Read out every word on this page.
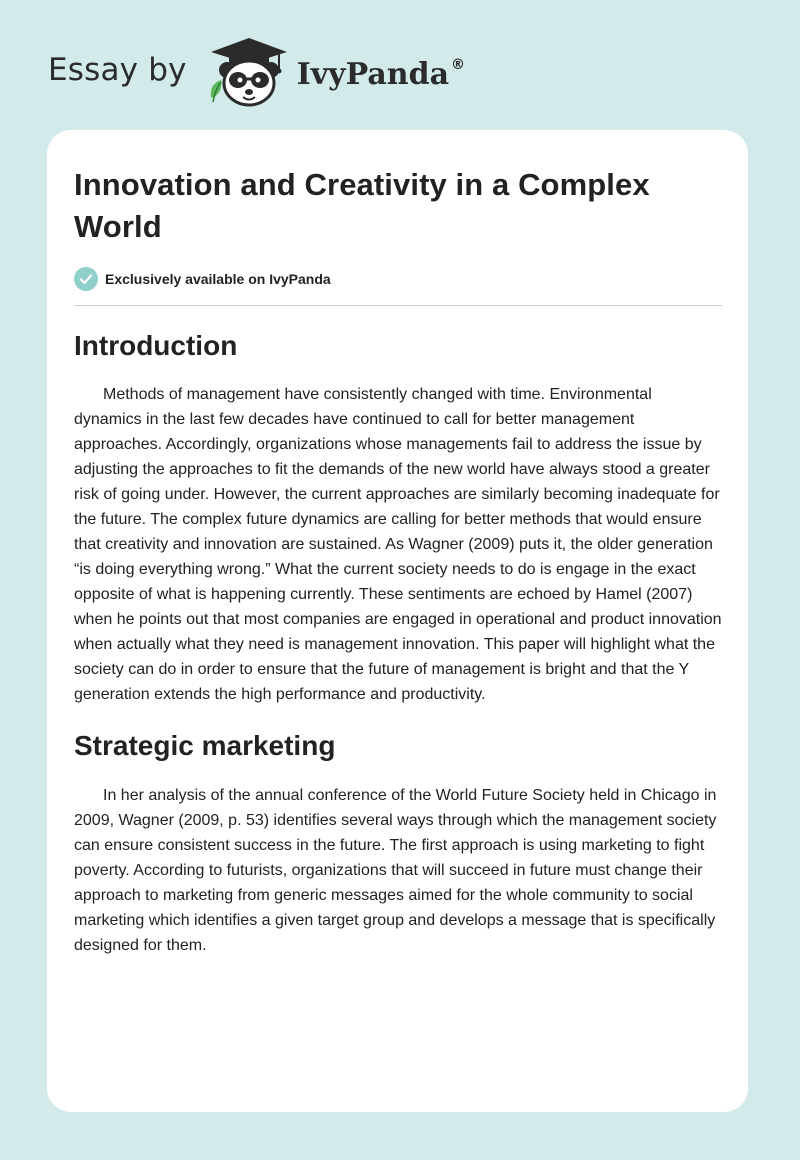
Essay by	IvyPanda ®
Innovation and Creativity in a Complex World
Exclusively available on IvyPanda
Introduction

Methods of management have consistently changed with time. Environmental dynamics in the last few decades have continued to call for better management approaches. Accordingly, organizations whose managements fail to address the issue by adjusting the approaches to fit the demands of the new world have always stood a greater risk of going under. However, the current approaches are similarly becoming inadequate for the future. The complex future dynamics are calling for better methods that would ensure that creativity and innovation are sustained. As Wagner (2009) puts it, the older generation “is doing everything wrong.” What the current society needs to do is engage in the exact opposite of what is happening currently. These sentiments are echoed by Hamel (2007) when he points out that most companies are engaged in operational and product innovation when actually what they need is management innovation. This paper will highlight what the society can do in order to ensure that the future of management is bright and that the Y generation extends the high performance and productivity.

Strategic marketing

In her analysis of the annual conference of the World Future Society held in Chicago in 2009, Wagner (2009, p. 53) identifies several ways through which the management society can ensure consistent success in the future. The first approach is using marketing to fight poverty. According to futurists, organizations that will succeed in future must change their approach to marketing from generic messages aimed for the whole community to social marketing which identifies a given target group and develops a message that is specifically designed for them.
